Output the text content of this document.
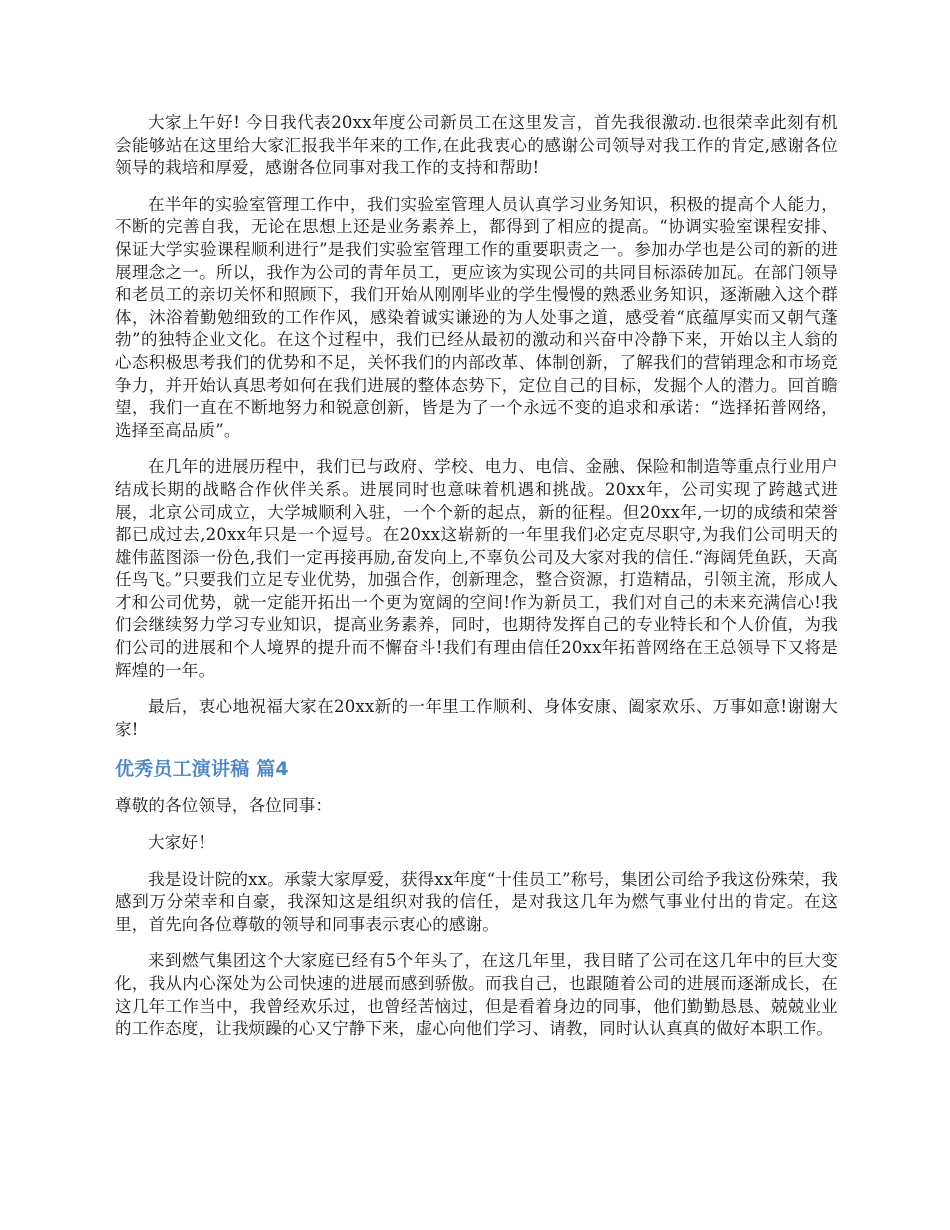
大家上午好! 今日我代表20xx年度公司新员工在这里发言，首先我很激动.也很荣幸此刻有机会能够站在这里给大家汇报我半年来的工作,在此我衷心的感谢公司领导对我工作的肯定,感谢各位领导的栽培和厚爱，感谢各位同事对我工作的支持和帮助!

在半年的实验室管理工作中，我们实验室管理人员认真学习业务知识，积极的提高个人能力，不断的完善自我，无论在思想上还是业务素养上，都得到了相应的提高。“协调实验室课程安排、保证大学实验课程顺利进行”是我们实验室管理工作的重要职责之一。参加办学也是公司的新的进展理念之一。所以，我作为公司的青年员工，更应该为实现公司的共同目标添砖加瓦。在部门领导和老员工的亲切关怀和照顾下，我们开始从刚刚毕业的学生慢慢的熟悉业务知识，逐渐融入这个群体，沐浴着勤勉细致的工作作风，感染着诚实谦逊的为人处事之道，感受着“底蕴厚实而又朝气蓬勃”的独特企业文化。在这个过程中，我们已经从最初的激动和兴奋中冷静下来，开始以主人翁的心态积极思考我们的优势和不足，关怀我们的内部改革、体制创新，了解我们的营销理念和市场竞争力，并开始认真思考如何在我们进展的整体态势下，定位自己的目标，发掘个人的潜力。回首瞻望，我们一直在不断地努力和锐意创新，皆是为了一个永远不变的追求和承诺：“选择拓普网络，选择至高品质”。

在几年的进展历程中，我们已与政府、学校、电力、电信、金融、保险和制造等重点行业用户结成长期的战略合作伙伴关系。进展同时也意味着机遇和挑战。20xx年，公司实现了跨越式进展，北京公司成立，大学城顺利入驻，一个个新的起点，新的征程。但20xx年,一切的成绩和荣誉都已成过去,20xx年只是一个逗号。在20xx这崭新的一年里我们必定克尽职守,为我们公司明天的雄伟蓝图添一份色,我们一定再接再励,奋发向上,不辜负公司及大家对我的信任.“海阔凭鱼跃，天高任鸟飞。”只要我们立足专业优势，加强合作，创新理念，整合资源，打造精品，引领主流，形成人才和公司优势，就一定能开拓出一个更为宽阔的空间!作为新员工，我们对自己的未来充满信心!我们会继续努力学习专业知识，提高业务素养，同时，也期待发挥自己的专业特长和个人价值，为我们公司的进展和个人境界的提升而不懈奋斗!我们有理由信任20xx年拓普网络在王总领导下又将是辉煌的一年。

最后，衷心地祝福大家在20xx新的一年里工作顺利、身体安康、阖家欢乐、万事如意!谢谢大家!

优秀员工演讲稿 篇4

尊敬的各位领导，各位同事：

大家好！

我是设计院的xx。承蒙大家厚爱，获得xx年度“十佳员工”称号，集团公司给予我这份殊荣，我感到万分荣幸和自豪，我深知这是组织对我的信任，是对我这几年为燃气事业付出的肯定。在这里，首先向各位尊敬的领导和同事表示衷心的感谢。

来到燃气集团这个大家庭已经有5个年头了，在这几年里，我目睹了公司在这几年中的巨大变化，我从内心深处为公司快速的进展而感到骄傲。而我自己，也跟随着公司的进展而逐渐成长，在这几年工作当中，我曾经欢乐过，也曾经苦恼过，但是看着身边的同事，他们勤勤恳恳、兢兢业业的工作态度，让我烦躁的心又宁静下来，虚心向他们学习、请教，同时认认真真的做好本职工作。
